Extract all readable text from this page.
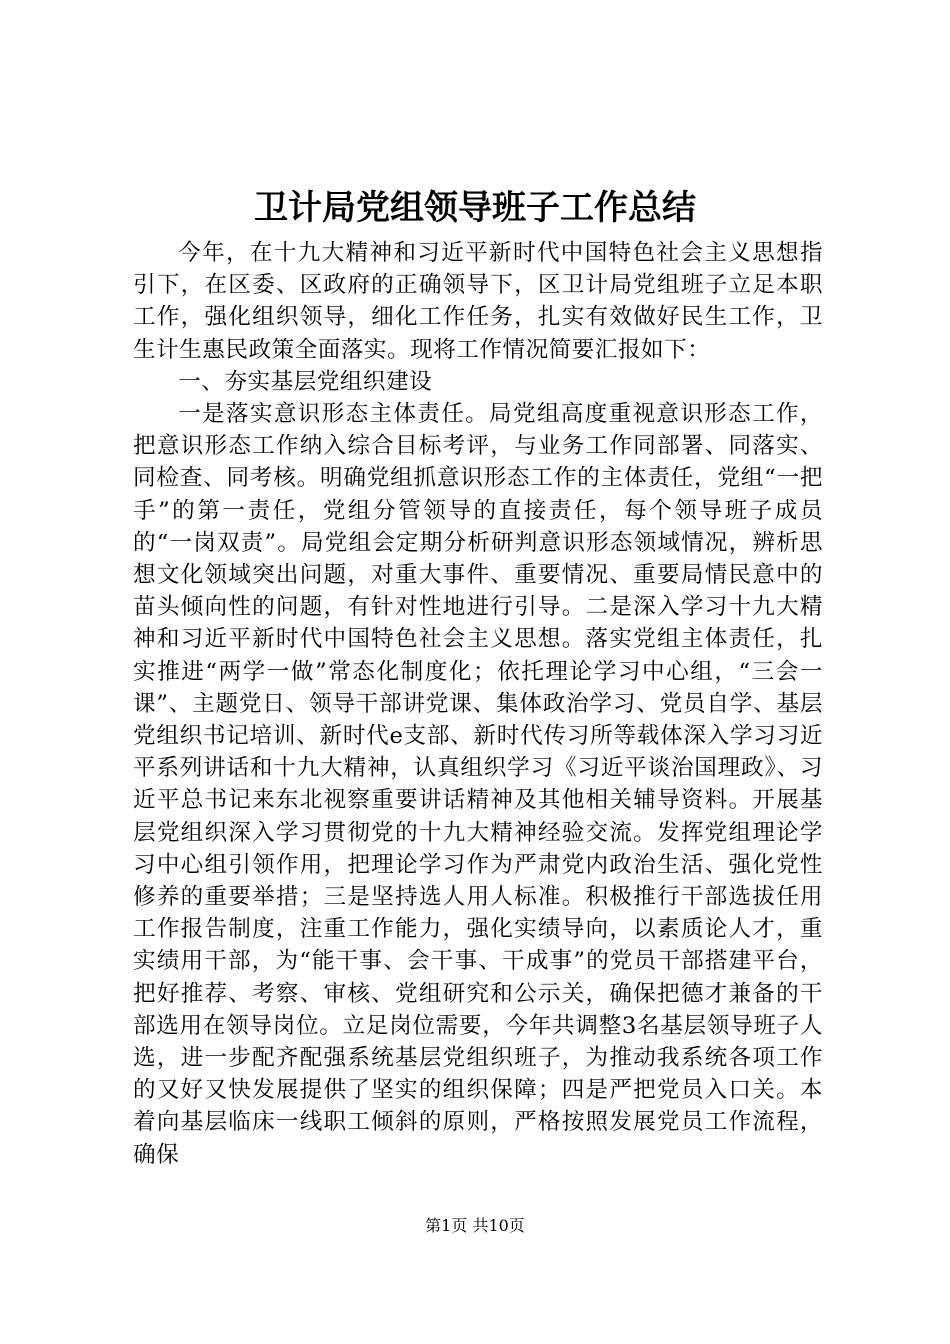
卫计局党组领导班子工作总结

今年，在十九大精神和习近平新时代中国特色社会主义思想指引下，在区委、区政府的正确领导下，区卫计局党组班子立足本职工作，强化组织领导，细化工作任务，扎实有效做好民生工作，卫生计生惠民政策全面落实。现将工作情况简要汇报如下：

一、夯实基层党组织建设

一是落实意识形态主体责任。局党组高度重视意识形态工作，把意识形态工作纳入综合目标考评，与业务工作同部署、同落实、同检查、同考核。明确党组抓意识形态工作的主体责任，党组“一把手”的第一责任，党组分管领导的直接责任，每个领导班子成员的“一岗双责”。局党组会定期分析研判意识形态领域情况，辨析思想文化领域突出问题，对重大事件、重要情况、重要局情民意中的苗头倾向性的问题，有针对性地进行引导。二是深入学习十九大精神和习近平新时代中国特色社会主义思想。落实党组主体责任，扎实推进“两学一做”常态化制度化；依托理论学习中心组，“三会一课”、主题党日、领导干部讲党课、集体政治学习、党员自学、基层党组织书记培训、新时代e支部、新时代传习所等载体深入学习习近平系列讲话和十九大精神，认真组织学习《习近平谈治国理政》、习近平总书记来东北视察重要讲话精神及其他相关辅导资料。开展基层党组织深入学习贯彻党的十九大精神经验交流。发挥党组理论学习中心组引领作用，把理论学习作为严肃党内政治生活、强化党性修养的重要举措；三是坚持选人用人标准。积极推行干部选拔任用工作报告制度，注重工作能力，强化实绩导向，以素质论人才，重实绩用干部，为“能干事、会干事、干成事”的党员干部搭建平台，把好推荐、考察、审核、党组研究和公示关，确保把德才兼备的干部选用在领导岗位。立足岗位需要，今年共调整3名基层领导班子人选，进一步配齐配强系统基层党组织班子，为推动我系统各项工作的又好又快发展提供了坚实的组织保障；四是严把党员入口关。本着向基层临床一线职工倾斜的原则，严格按照发展党员工作流程，确保

第1页 共10页
